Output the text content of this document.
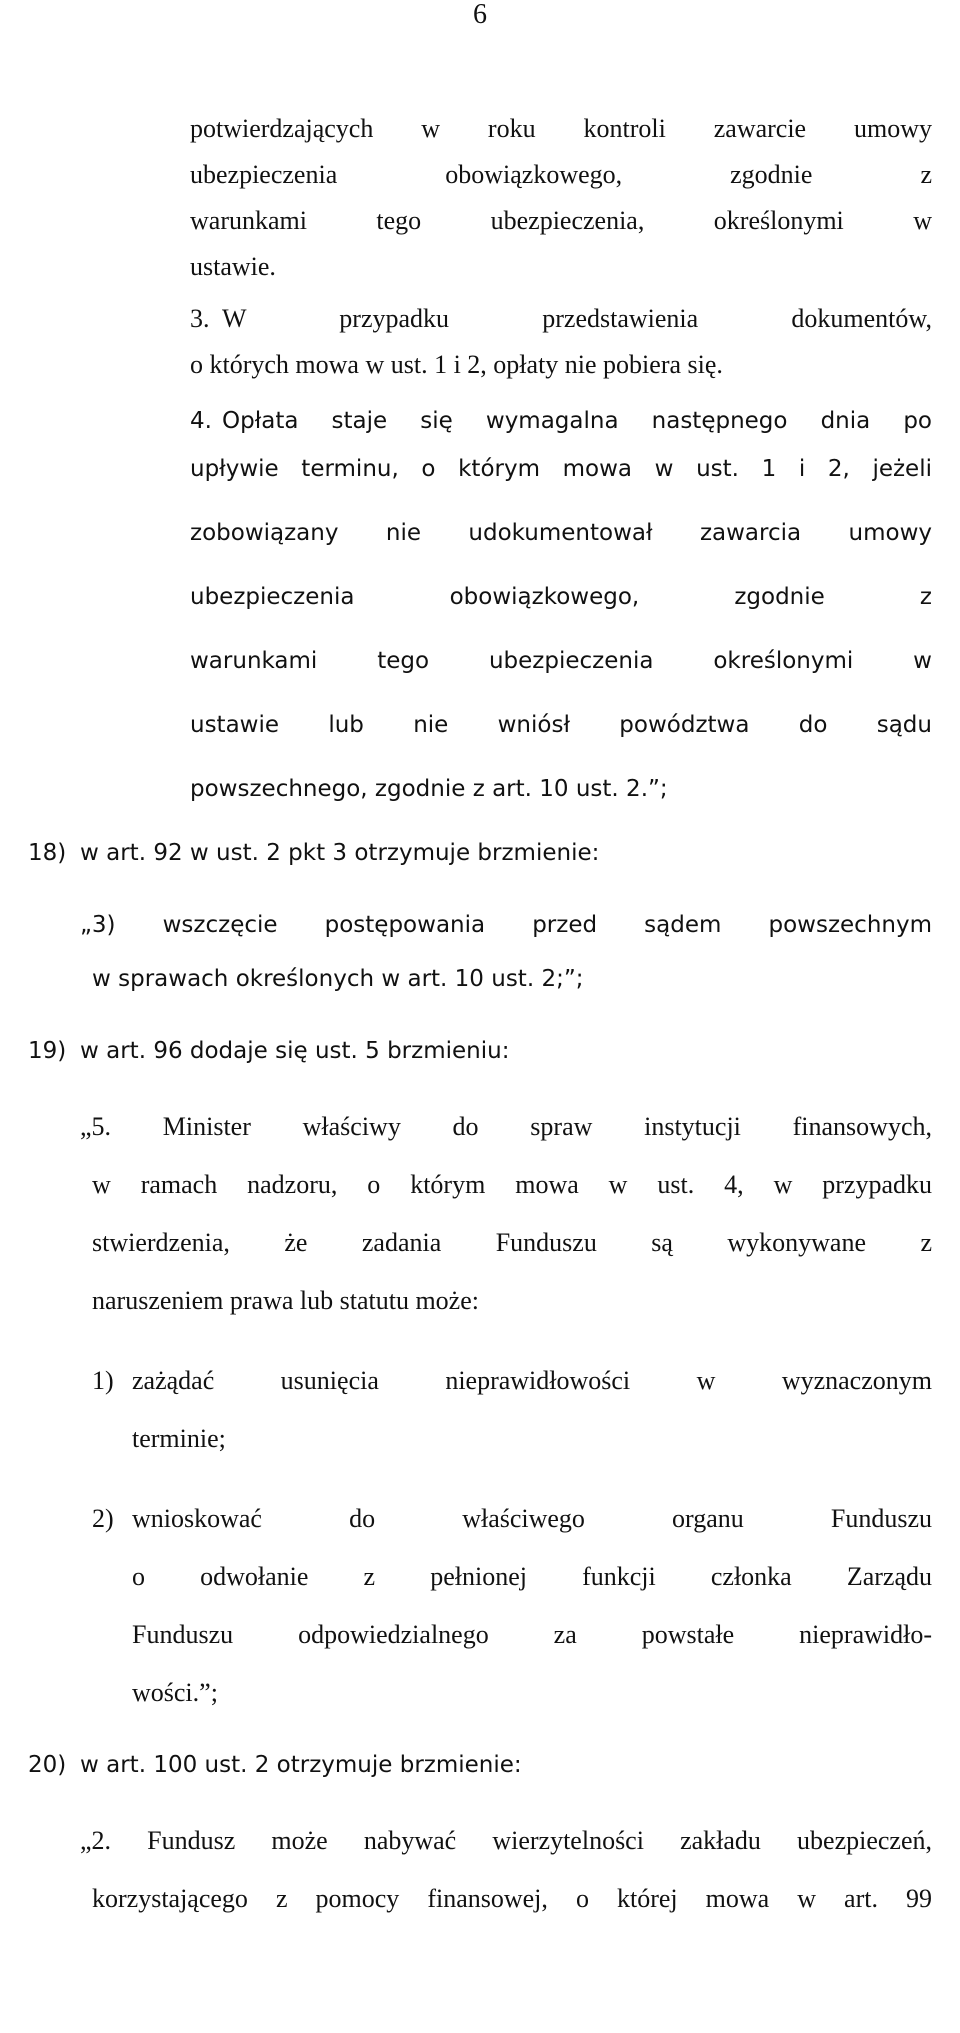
6
potwierdzających w roku kontroli zawarcie umowy
ubezpieczenia obowiązkowego, zgodnie z
warunkami tego ubezpieczenia, określonymi w
ustawie.
3. W przypadku przedstawienia dokumentów,
o których mowa w ust. 1 i 2, opłaty nie pobiera się.
4. Opłata staje się wymagalna następnego dnia po
upływie terminu, o którym mowa w ust. 1 i 2, jeżeli
zobowiązany nie udokumentował zawarcia umowy
ubezpieczenia obowiązkowego, zgodnie z
warunkami tego ubezpieczenia określonymi w
ustawie lub nie wniósł powództwa do sądu
powszechnego, zgodnie z art. 10 ust. 2.”;
18) w art. 92 w ust. 2 pkt 3 otrzymuje brzmienie:
„3) wszczęcie postępowania przed sądem powszechnym
w sprawach określonych w art. 10 ust. 2;”;
19) w art. 96 dodaje się ust. 5 brzmieniu:
„5. Minister właściwy do spraw instytucji finansowych,
w ramach nadzoru, o którym mowa w ust. 4, w przypadku
stwierdzenia, że zadania Funduszu są wykonywane z
naruszeniem prawa lub statutu może:
1) zażądać usunięcia nieprawidłowości w wyznaczonym
terminie;
2) wnioskować do właściwego organu Funduszu
o odwołanie z pełnionej funkcji członka Zarządu
Funduszu odpowiedzialnego za powstałe nieprawidło-
wości.”;
20) w art. 100 ust. 2 otrzymuje brzmienie:
„2. Fundusz może nabywać wierzytelności zakładu ubezpieczeń,
korzystającego z pomocy finansowej, o której mowa w art. 99
